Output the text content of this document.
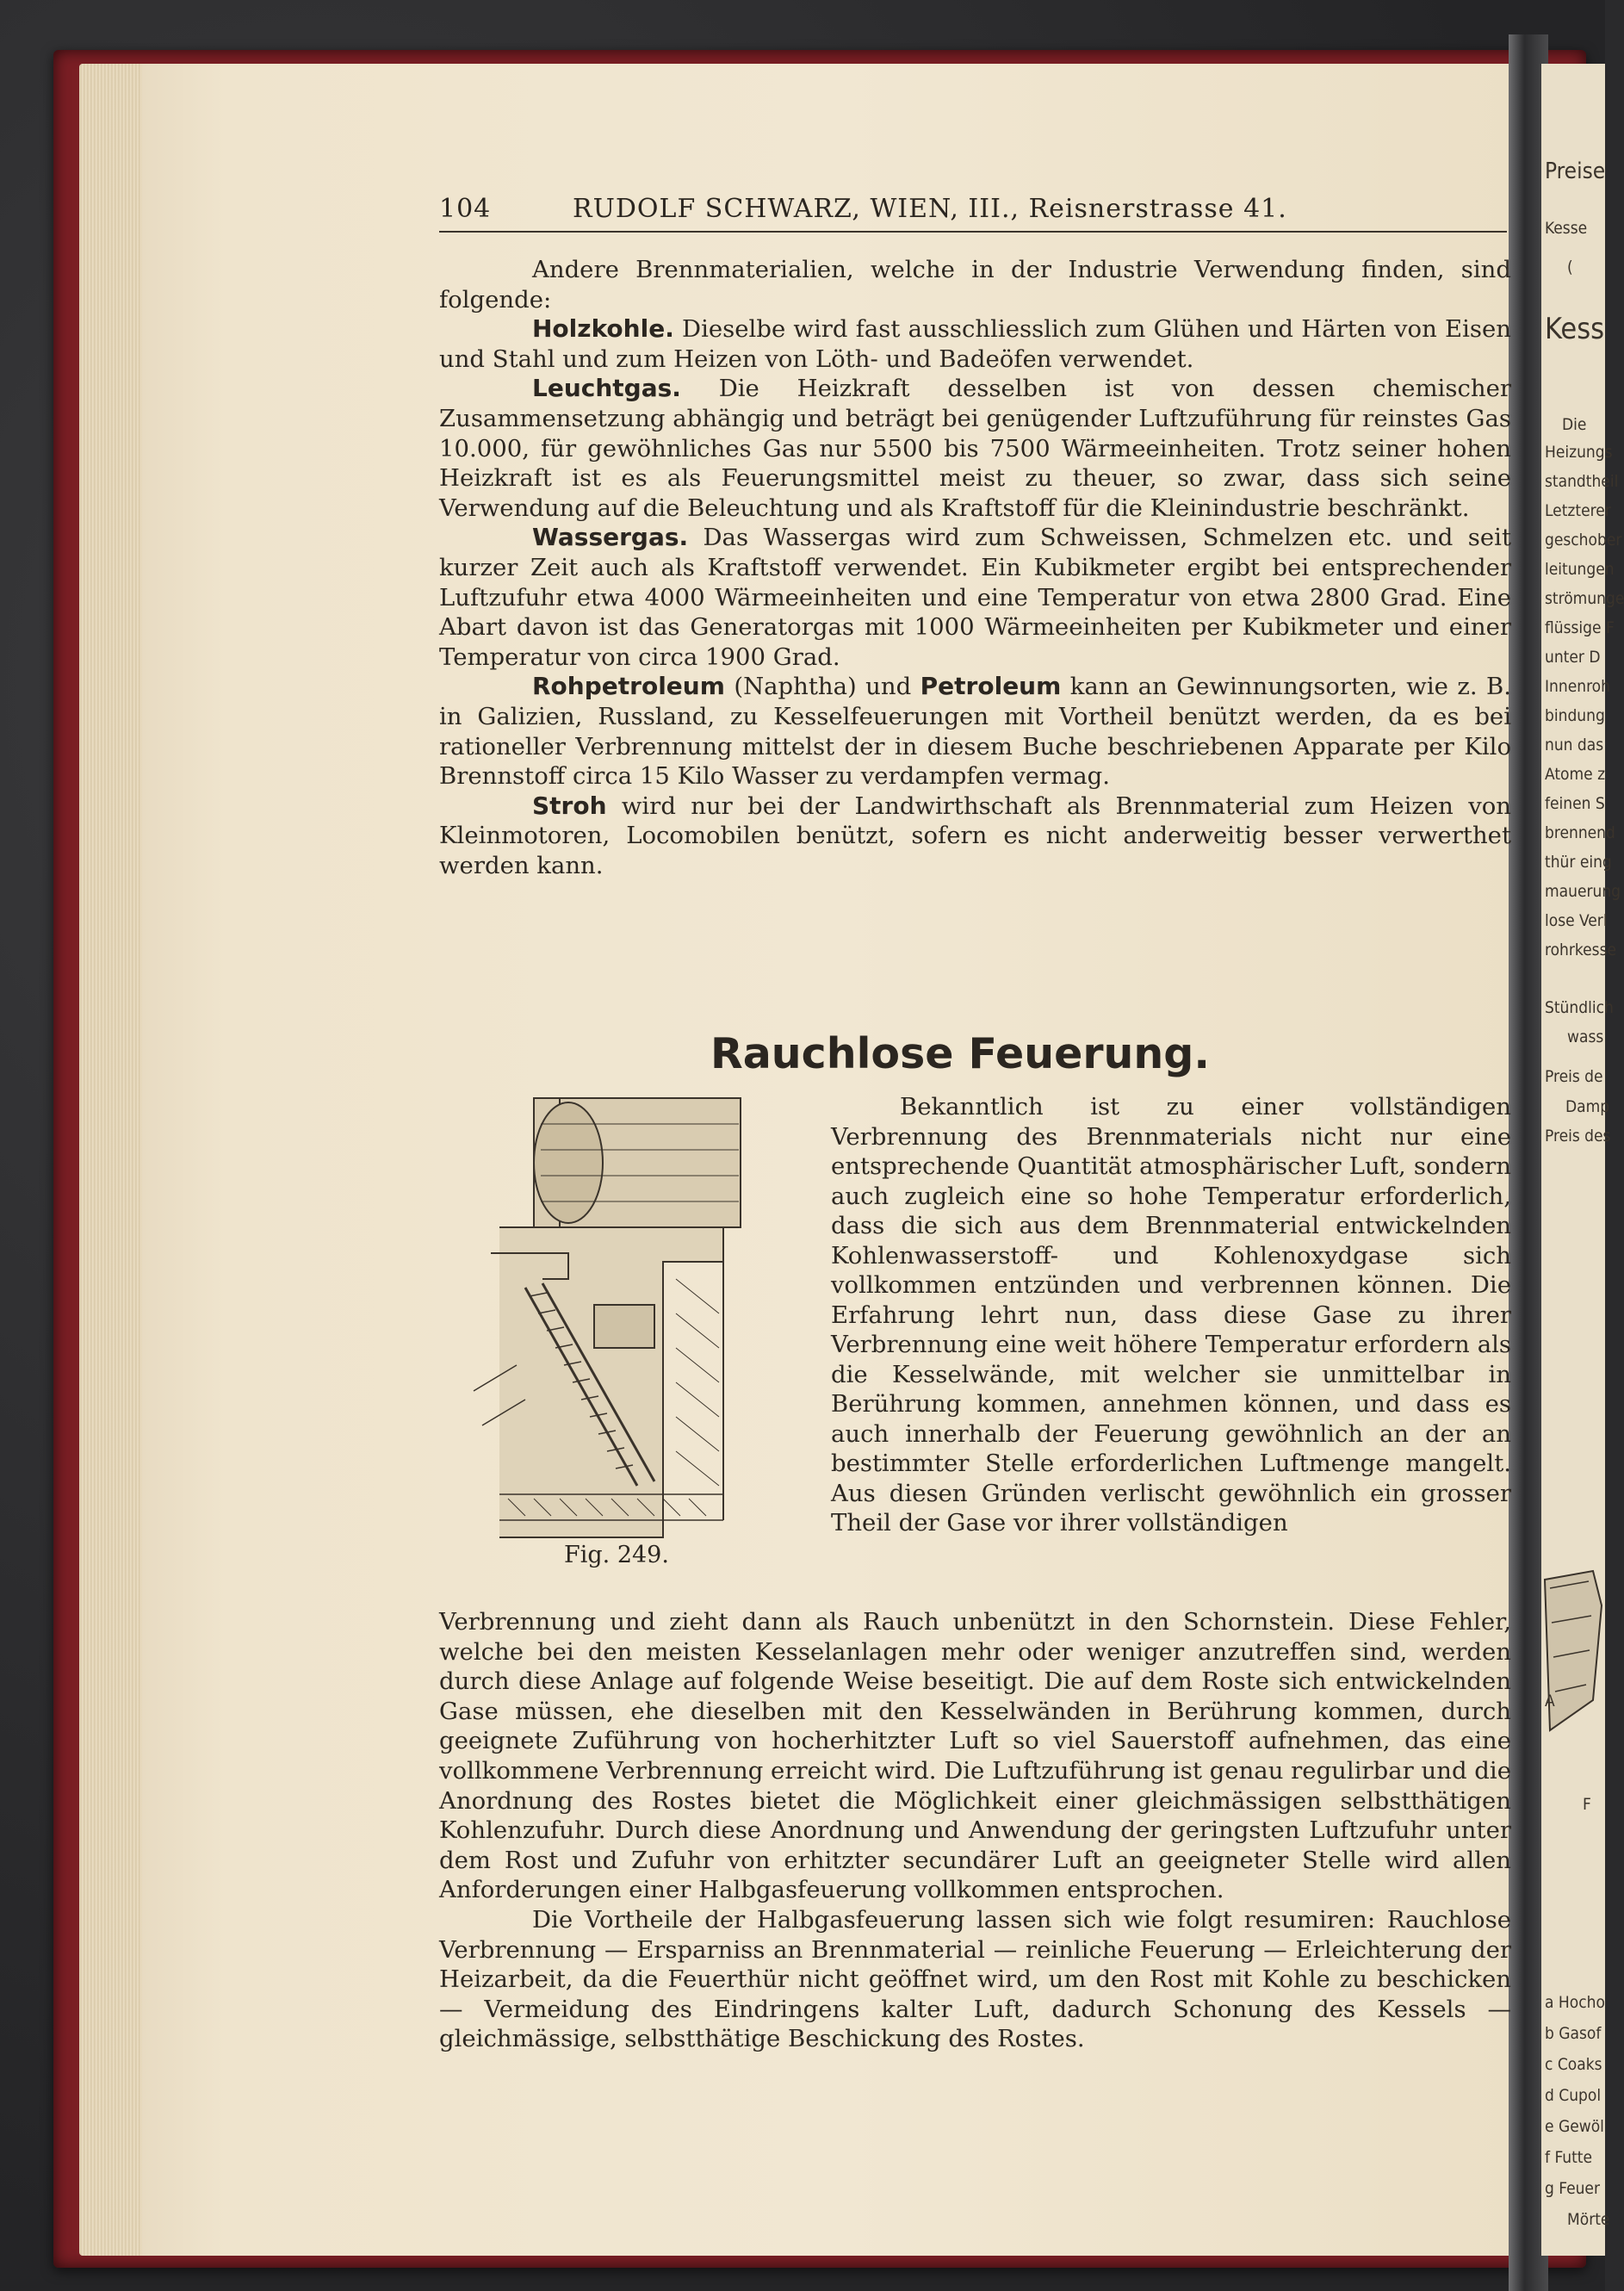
Preise
Kesse
(
Kess
Die
Heizungs
standtheil
Letzterer
geschober
leitungen
strömunge
flüssige F
unter D
Innenroh
bindung
nun das
Atome z
feinen S
brennend
thür eing
mauerung
lose Verl
rohrkesse
Stündlich
wass
Preis de
Damp
Preis des
A
F
a Hocho
b Gasof
c Coaks
d Cupol
e Gewöl
f Futte
g Feuer
Mörte
104	RUDOLF SCHWARZ, WIEN, III., Reisnerstrasse 41.

Andere Brennmaterialien, welche in der Industrie Verwendung finden, sind folgende:

Holzkohle. Dieselbe wird fast ausschliesslich zum Glühen und Härten von Eisen und Stahl und zum Heizen von Löth- und Badeöfen verwendet.

Leuchtgas. Die Heizkraft desselben ist von dessen chemischer Zusammensetzung abhängig und beträgt bei genügender Luftzuführung für reinstes Gas 10.000, für gewöhnliches Gas nur 5500 bis 7500 Wärmeeinheiten. Trotz seiner hohen Heizkraft ist es als Feuerungsmittel meist zu theuer, so zwar, dass sich seine Verwendung auf die Beleuchtung und als Kraftstoff für die Kleinindustrie beschränkt.

Wassergas. Das Wassergas wird zum Schweissen, Schmelzen etc. und seit kurzer Zeit auch als Kraftstoff verwendet. Ein Kubikmeter ergibt bei entsprechender Luftzufuhr etwa 4000 Wärmeeinheiten und eine Temperatur von etwa 2800 Grad. Eine Abart davon ist das Generatorgas mit 1000 Wärmeeinheiten per Kubikmeter und einer Temperatur von circa 1900 Grad.

Rohpetroleum (Naphtha) und Petroleum kann an Gewinnungsorten, wie z. B. in Galizien, Russland, zu Kesselfeuerungen mit Vortheil benützt werden, da es bei rationeller Verbrennung mittelst der in diesem Buche beschriebenen Apparate per Kilo Brennstoff circa 15 Kilo Wasser zu verdampfen vermag.

Stroh wird nur bei der Landwirthschaft als Brennmaterial zum Heizen von Kleinmotoren, Locomobilen benützt, sofern es nicht anderweitig besser verwerthet werden kann.

Rauchlose Feuerung.
Fig. 249.

Bekanntlich ist zu einer vollständigen Verbrennung des Brennmaterials nicht nur eine entsprechende Quantität atmosphärischer Luft, sondern auch zugleich eine so hohe Temperatur erforderlich, dass die sich aus dem Brennmaterial entwickelnden Kohlenwasserstoff- und Kohlenoxydgase sich vollkommen entzünden und verbrennen können. Die Erfahrung lehrt nun, dass diese Gase zu ihrer Verbrennung eine weit höhere Temperatur erfordern als die Kesselwände, mit welcher sie unmittelbar in Berührung kommen, annehmen können, und dass es auch innerhalb der Feuerung gewöhnlich an der an bestimmter Stelle erforderlichen Luftmenge mangelt. Aus diesen Gründen verlischt gewöhnlich ein grosser Theil der Gase vor ihrer vollständigen

Verbrennung und zieht dann als Rauch unbenützt in den Schornstein. Diese Fehler, welche bei den meisten Kesselanlagen mehr oder weniger anzutreffen sind, werden durch diese Anlage auf folgende Weise beseitigt. Die auf dem Roste sich entwickelnden Gase müssen, ehe dieselben mit den Kesselwänden in Berührung kommen, durch geeignete Zuführung von hocherhitzter Luft so viel Sauerstoff aufnehmen, das eine vollkommene Verbrennung erreicht wird. Die Luftzuführung ist genau regulirbar und die Anordnung des Rostes bietet die Möglichkeit einer gleichmässigen selbstthätigen Kohlenzufuhr. Durch diese Anordnung und Anwendung der geringsten Luftzufuhr unter dem Rost und Zufuhr von erhitzter secundärer Luft an geeigneter Stelle wird allen Anforderungen einer Halbgasfeuerung vollkommen entsprochen.

Die Vortheile der Halbgasfeuerung lassen sich wie folgt resumiren: Rauchlose Verbrennung — Ersparniss an Brennmaterial — reinliche Feuerung — Erleichterung der Heizarbeit, da die Feuerthür nicht geöffnet wird, um den Rost mit Kohle zu beschicken — Vermeidung des Eindringens kalter Luft, dadurch Schonung des Kessels — gleichmässige, selbstthätige Beschickung des Rostes.
